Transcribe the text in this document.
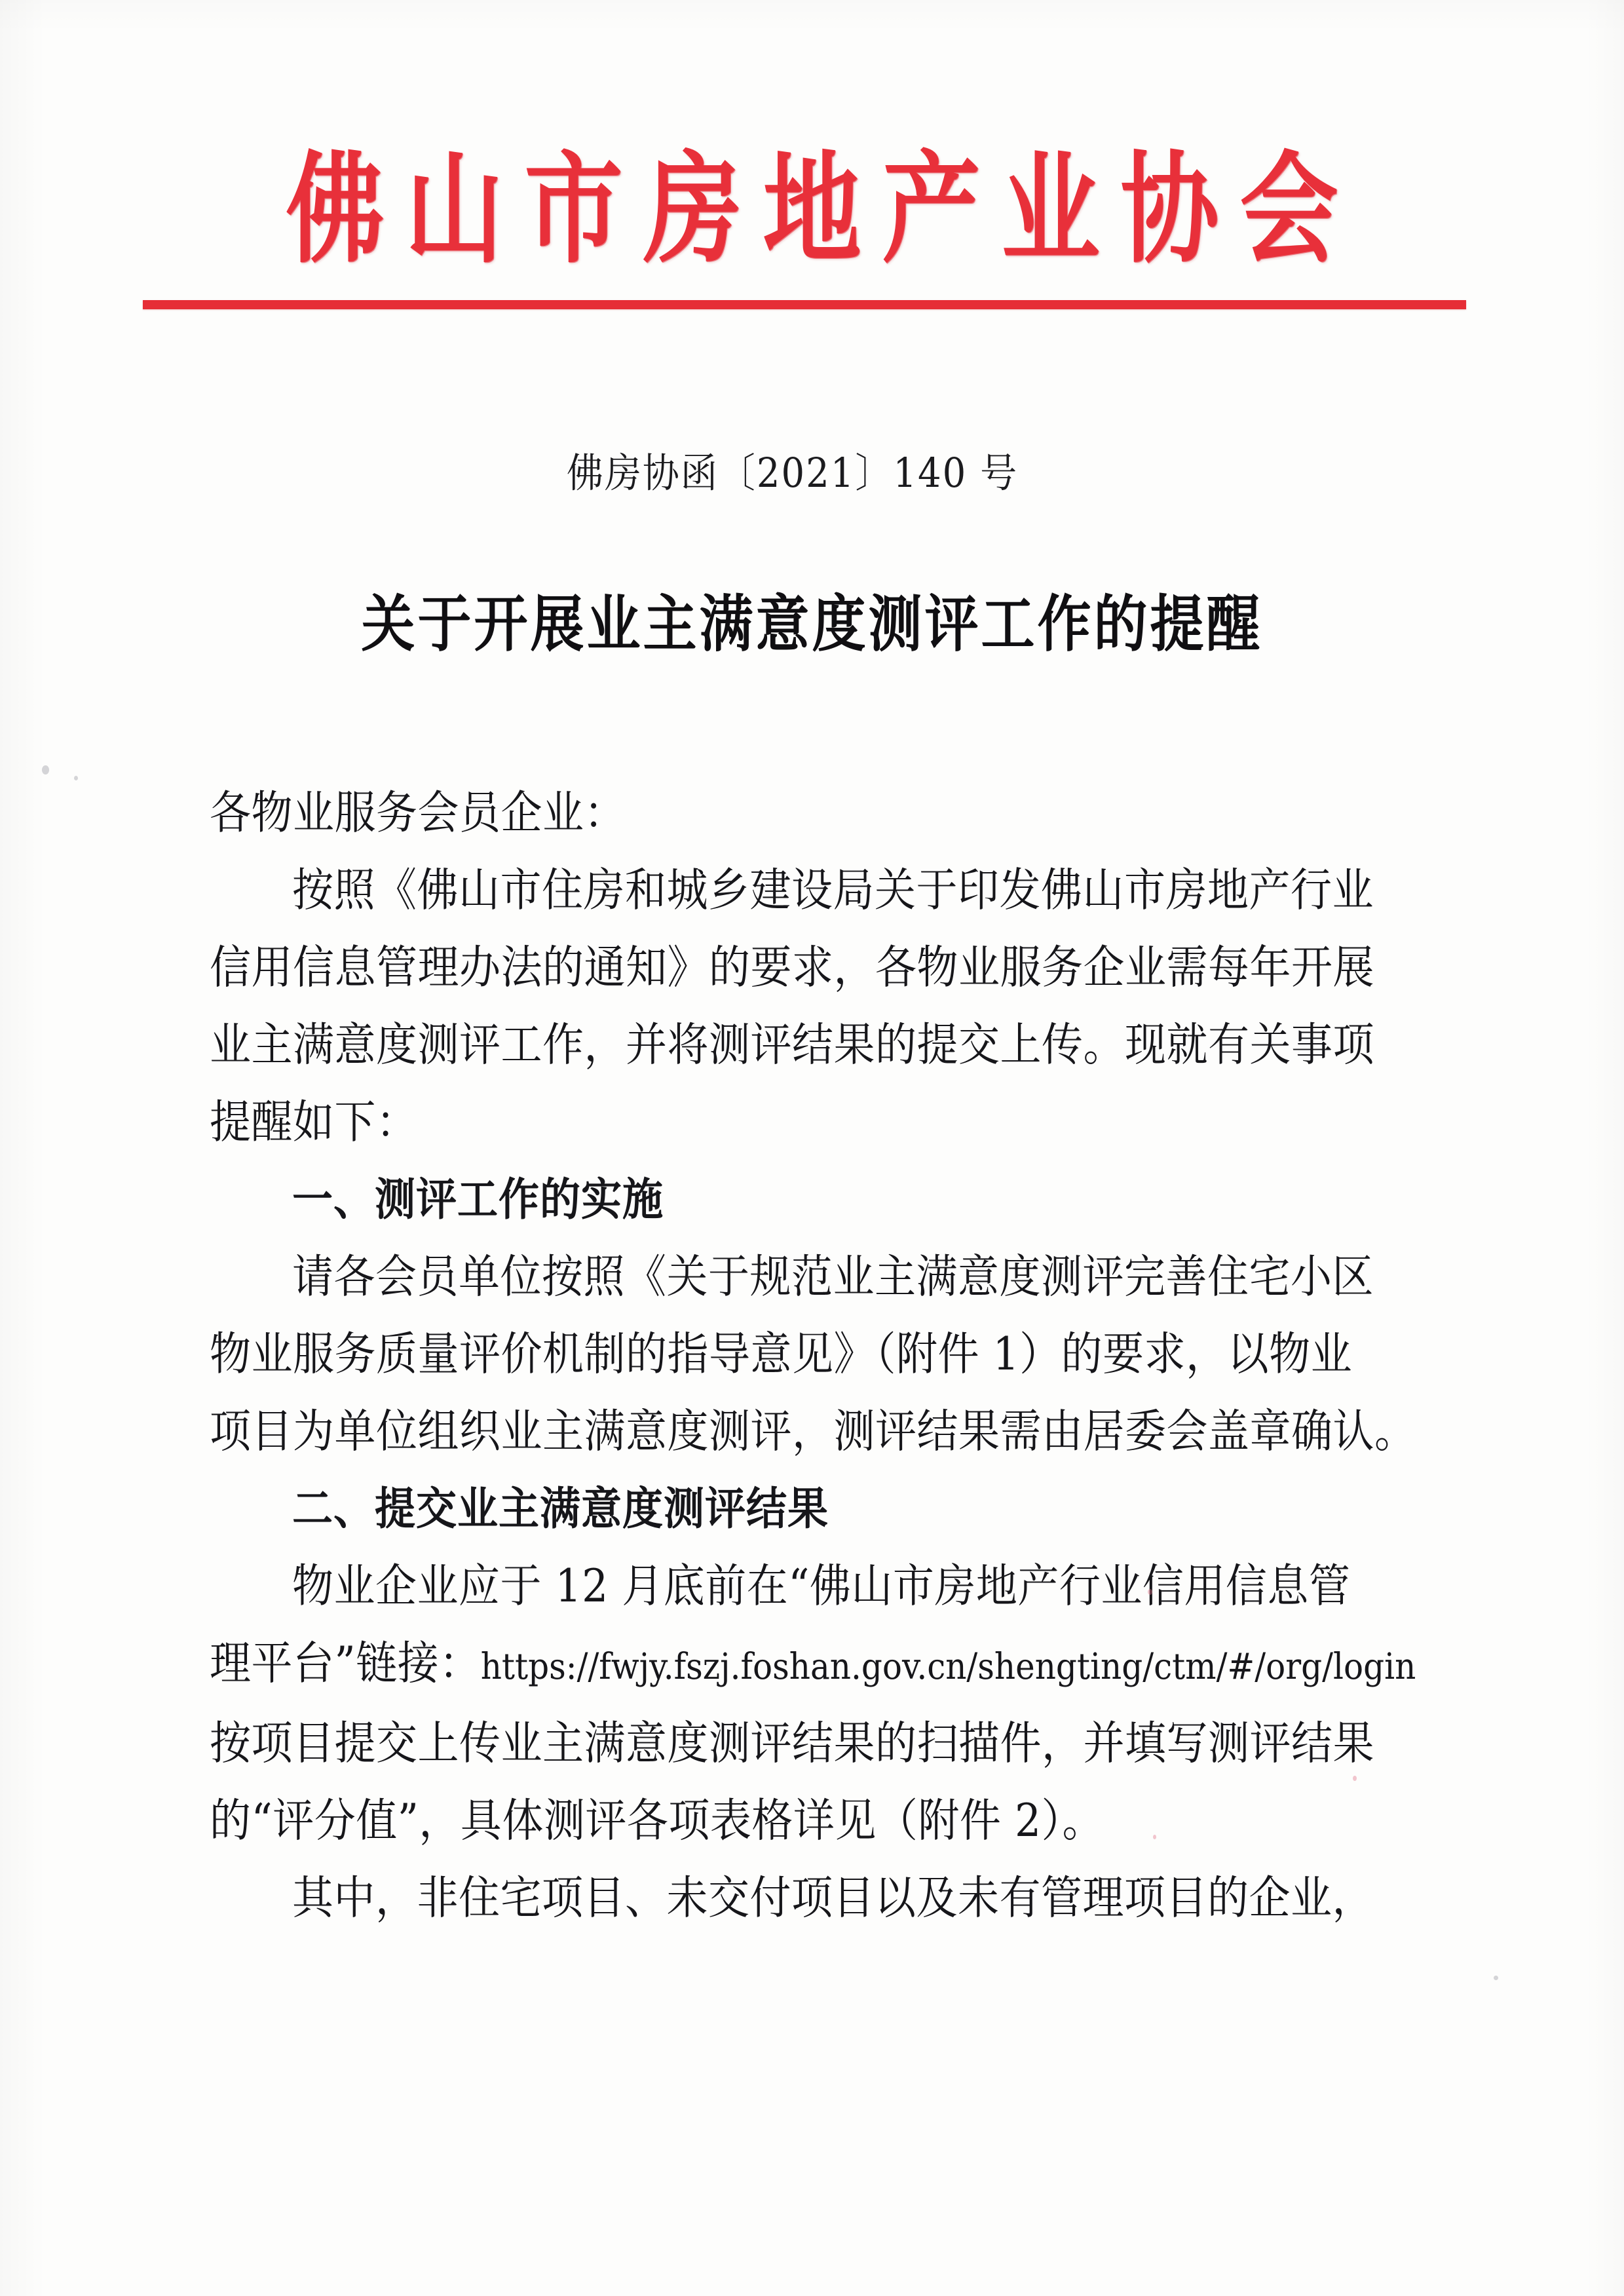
佛山市房地产业协会
佛房协函〔2021〕140 号
关于开展业主满意度测评工作的提醒
各物业服务会员企业：
按照《佛山市住房和城乡建设局关于印发佛山市房地产行业
信用信息管理办法的通知》的要求，各物业服务企业需每年开展
业主满意度测评工作，并将测评结果的提交上传。现就有关事项
提醒如下：
一、测评工作的实施
请各会员单位按照《关于规范业主满意度测评完善住宅小区
物业服务质量评价机制的指导意见》（附件 1）的要求，以物业
项目为单位组织业主满意度测评，测评结果需由居委会盖章确认。
二、提交业主满意度测评结果
物业企业应于 12 月底前在“佛山市房地产行业信用信息管
理平台”链接：https://fwjy.fszj.foshan.gov.cn/shengting/ctm/#/org/login
按项目提交上传业主满意度测评结果的扫描件，并填写测评结果
的“评分值”，具体测评各项表格详见（附件 2）。
其中，非住宅项目、未交付项目以及未有管理项目的企业，
